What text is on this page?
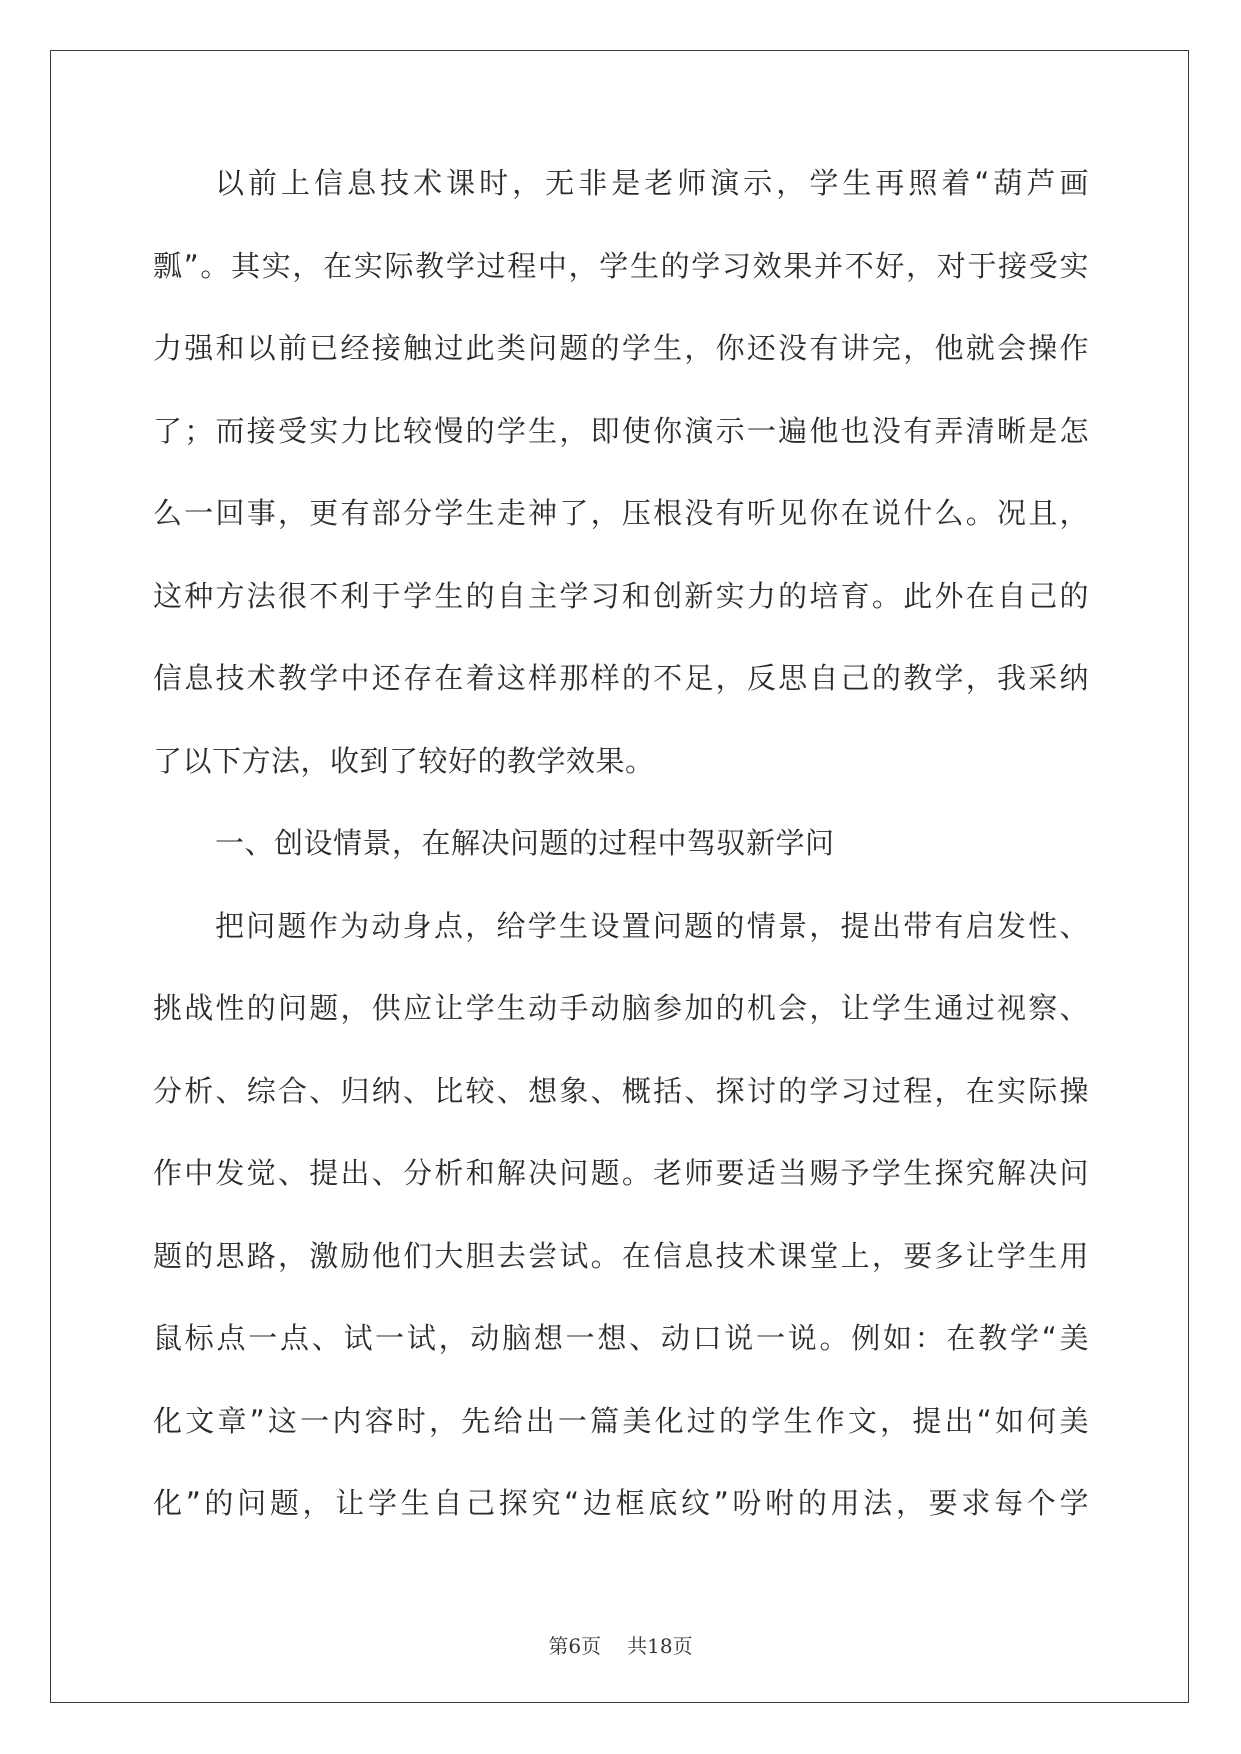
以前上信息技术课时，无非是老师演示，学生再照着“葫芦画
瓢”。其实，在实际教学过程中，学生的学习效果并不好，对于接受实
力强和以前已经接触过此类问题的学生，你还没有讲完，他就会操作
了；而接受实力比较慢的学生，即使你演示一遍他也没有弄清晰是怎
么一回事，更有部分学生走神了，压根没有听见你在说什么。况且，
这种方法很不利于学生的自主学习和创新实力的培育。此外在自己的
信息技术教学中还存在着这样那样的不足，反思自己的教学，我采纳
了以下方法，收到了较好的教学效果。
一、创设情景，在解决问题的过程中驾驭新学问
把问题作为动身点，给学生设置问题的情景，提出带有启发性、
挑战性的问题，供应让学生动手动脑参加的机会，让学生通过视察、
分析、综合、归纳、比较、想象、概括、探讨的学习过程，在实际操
作中发觉、提出、分析和解决问题。老师要适当赐予学生探究解决问
题的思路，激励他们大胆去尝试。在信息技术课堂上，要多让学生用
鼠标点一点、试一试，动脑想一想、动口说一说。例如：在教学“美
化文章”这一内容时，先给出一篇美化过的学生作文，提出“如何美
化”的问题，让学生自己探究“边框底纹”吩咐的用法，要求每个学
第6页 共18页
